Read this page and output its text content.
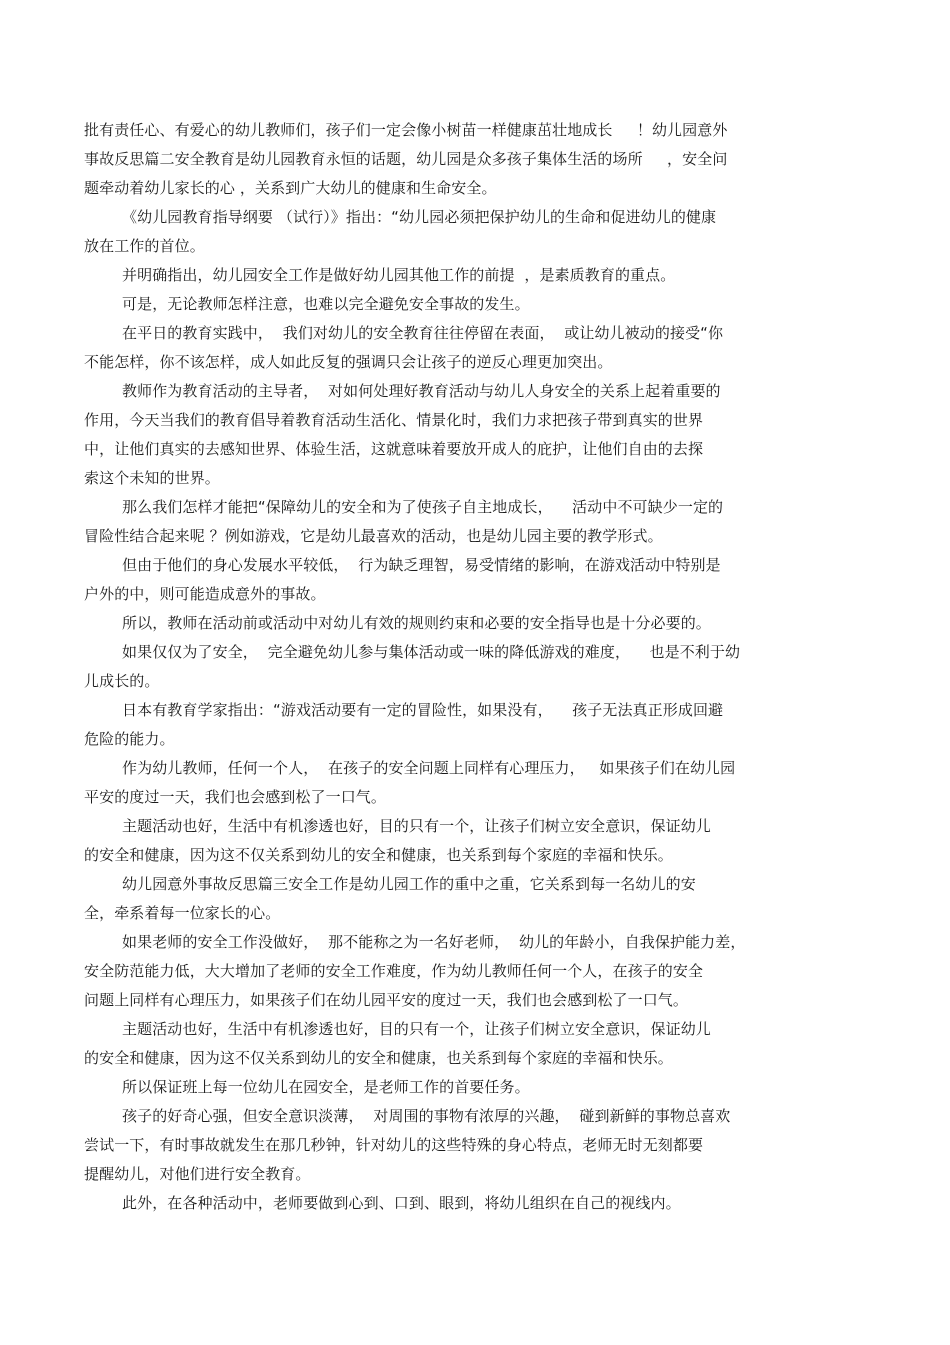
批有责任心、有爱心的幼儿教师们，孩子们一定会像小树苗一样健康茁壮地成长     ！幼儿园意外
事故反思篇二安全教育是幼儿园教育永恒的话题，幼儿园是众多孩子集体生活的场所     ，安全问
题牵动着幼儿家长的心 ，关系到广大幼儿的健康和生命安全。
《幼儿园教育指导纲要 （试行）》指出：“幼儿园必须把保护幼儿的生命和促进幼儿的健康
放在工作的首位。
并明确指出，幼儿园安全工作是做好幼儿园其他工作的前提  ，是素质教育的重点。
可是，无论教师怎样注意，也难以完全避免安全事故的发生。
在平日的教育实践中，  我们对幼儿的安全教育往往停留在表面，  或让幼儿被动的接受“你
不能怎样，你不该怎样，成人如此反复的强调只会让孩子的逆反心理更加突出。
教师作为教育活动的主导者，  对如何处理好教育活动与幼儿人身安全的关系上起着重要的
作用，今天当我们的教育倡导着教育活动生活化、情景化时，我们力求把孩子带到真实的世界
中，让他们真实的去感知世界、体验生活，这就意味着要放开成人的庇护，让他们自由的去探
索这个未知的世界。
那么我们怎样才能把“保障幼儿的安全和为了使孩子自主地成长，    活动中不可缺少一定的
冒险性结合起来呢 ？例如游戏，它是幼儿最喜欢的活动，也是幼儿园主要的教学形式。
但由于他们的身心发展水平较低，  行为缺乏理智，易受情绪的影响，在游戏活动中特别是
户外的中，则可能造成意外的事故。
所以，教师在活动前或活动中对幼儿有效的规则约束和必要的安全指导也是十分必要的。
如果仅仅为了安全，  完全避免幼儿参与集体活动或一味的降低游戏的难度，    也是不利于幼
儿成长的。
日本有教育学家指出：“游戏活动要有一定的冒险性，如果没有，    孩子无法真正形成回避
危险的能力。
作为幼儿教师，任何一个人，  在孩子的安全问题上同样有心理压力，   如果孩子们在幼儿园
平安的度过一天，我们也会感到松了一口气。
主题活动也好，生活中有机渗透也好，目的只有一个，让孩子们树立安全意识，保证幼儿
的安全和健康，因为这不仅关系到幼儿的安全和健康，也关系到每个家庭的幸福和快乐。
幼儿园意外事故反思篇三安全工作是幼儿园工作的重中之重，它关系到每一名幼儿的安
全，牵系着每一位家长的心。
如果老师的安全工作没做好，  那不能称之为一名好老师，  幼儿的年龄小，自我保护能力差，
安全防范能力低，大大增加了老师的安全工作难度，作为幼儿教师任何一个人，在孩子的安全
问题上同样有心理压力，如果孩子们在幼儿园平安的度过一天，我们也会感到松了一口气。
主题活动也好，生活中有机渗透也好，目的只有一个，让孩子们树立安全意识，保证幼儿
的安全和健康，因为这不仅关系到幼儿的安全和健康，也关系到每个家庭的幸福和快乐。
所以保证班上每一位幼儿在园安全，是老师工作的首要任务。
孩子的好奇心强，但安全意识淡薄，  对周围的事物有浓厚的兴趣，  碰到新鲜的事物总喜欢
尝试一下，有时事故就发生在那几秒钟，针对幼儿的这些特殊的身心特点，老师无时无刻都要
提醒幼儿，对他们进行安全教育。
此外，在各种活动中，老师要做到心到、口到、眼到，将幼儿组织在自己的视线内。
